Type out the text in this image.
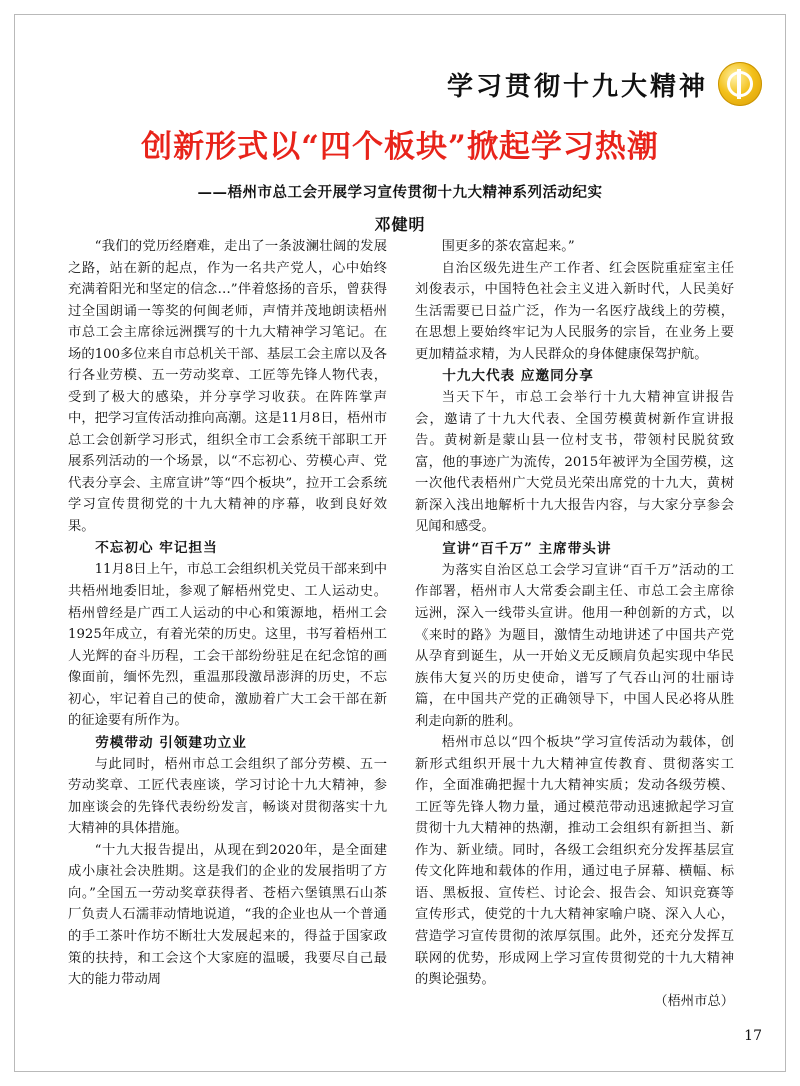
学习贯彻十九大精神
创新形式以“四个板块”掀起学习热潮
——梧州市总工会开展学习宣传贯彻十九大精神系列活动纪实
邓健明

“我们的党历经磨难，走出了一条波澜壮阔的发展之路，站在新的起点，作为一名共产党人，心中始终充满着阳光和坚定的信念…”伴着悠扬的音乐，曾获得过全国朗诵一等奖的何闽老师，声情并茂地朗读梧州市总工会主席徐远洲撰写的十九大精神学习笔记。在场的100多位来自市总机关干部、基层工会主席以及各行各业劳模、五一劳动奖章、工匠等先锋人物代表，受到了极大的感染，并分享学习收获。在阵阵掌声中，把学习宣传活动推向高潮。这是11月8日，梧州市总工会创新学习形式，组织全市工会系统干部职工开展系列活动的一个场景，以“不忘初心、劳模心声、党代表分享会、主席宣讲”等“四个板块”，拉开工会系统学习宣传贯彻党的十九大精神的序幕，收到良好效果。

不忘初心 牢记担当

11月8日上午，市总工会组织机关党员干部来到中共梧州地委旧址，参观了解梧州党史、工人运动史。梧州曾经是广西工人运动的中心和策源地，梧州工会1925年成立，有着光荣的历史。这里，书写着梧州工人光辉的奋斗历程，工会干部纷纷驻足在纪念馆的画像面前，缅怀先烈，重温那段激昂澎湃的历史，不忘初心，牢记着自己的使命，激励着广大工会干部在新的征途要有所作为。

劳模带动 引领建功立业

与此同时，梧州市总工会组织了部分劳模、五一劳动奖章、工匠代表座谈，学习讨论十九大精神，参加座谈会的先锋代表纷纷发言，畅谈对贯彻落实十九大精神的具体措施。

“十九大报告提出，从现在到2020年，是全面建成小康社会决胜期。这是我们的企业的发展指明了方向。”全国五一劳动奖章获得者、苍梧六堡镇黑石山茶厂负责人石濡菲动情地说道，“我的企业也从一个普通的手工茶叶作坊不断壮大发展起来的，得益于国家政策的扶持，和工会这个大家庭的温暖，我要尽自己最大的能力带动周

围更多的茶农富起来。”

自治区级先进生产工作者、红会医院重症室主任刘俊表示，中国特色社会主义进入新时代，人民美好生活需要已日益广泛，作为一名医疗战线上的劳模，在思想上要始终牢记为人民服务的宗旨，在业务上要更加精益求精，为人民群众的身体健康保驾护航。

十九大代表 应邀同分享

当天下午，市总工会举行十九大精神宣讲报告会，邀请了十九大代表、全国劳模黄树新作宣讲报告。黄树新是蒙山县一位村支书，带领村民脱贫致富，他的事迹广为流传，2015年被评为全国劳模，这一次他代表梧州广大党员光荣出席党的十九大，黄树新深入浅出地解析十九大报告内容，与大家分享参会见闻和感受。

宣讲“百千万” 主席带头讲

为落实自治区总工会学习宣讲“百千万”活动的工作部署，梧州市人大常委会副主任、市总工会主席徐远洲，深入一线带头宣讲。他用一种创新的方式，以《来时的路》为题目，激情生动地讲述了中国共产党从孕育到诞生，从一开始义无反顾肩负起实现中华民族伟大复兴的历史使命，谱写了气吞山河的壮丽诗篇，在中国共产党的正确领导下，中国人民必将从胜利走向新的胜利。

梧州市总以“四个板块”学习宣传活动为载体，创新形式组织开展十九大精神宣传教育、贯彻落实工作，全面准确把握十九大精神实质；发动各级劳模、工匠等先锋人物力量，通过模范带动迅速掀起学习宣贯彻十九大精神的热潮，推动工会组织有新担当、新作为、新业绩。同时，各级工会组织充分发挥基层宣传文化阵地和载体的作用，通过电子屏幕、横幅、标语、黑板报、宣传栏、讨论会、报告会、知识竞赛等宣传形式，使党的十九大精神家喻户晓、深入人心，营造学习宣传贯彻的浓厚氛围。此外，还充分发挥互联网的优势，形成网上学习宣传贯彻党的十九大精神的舆论强势。

（梧州市总）

17
